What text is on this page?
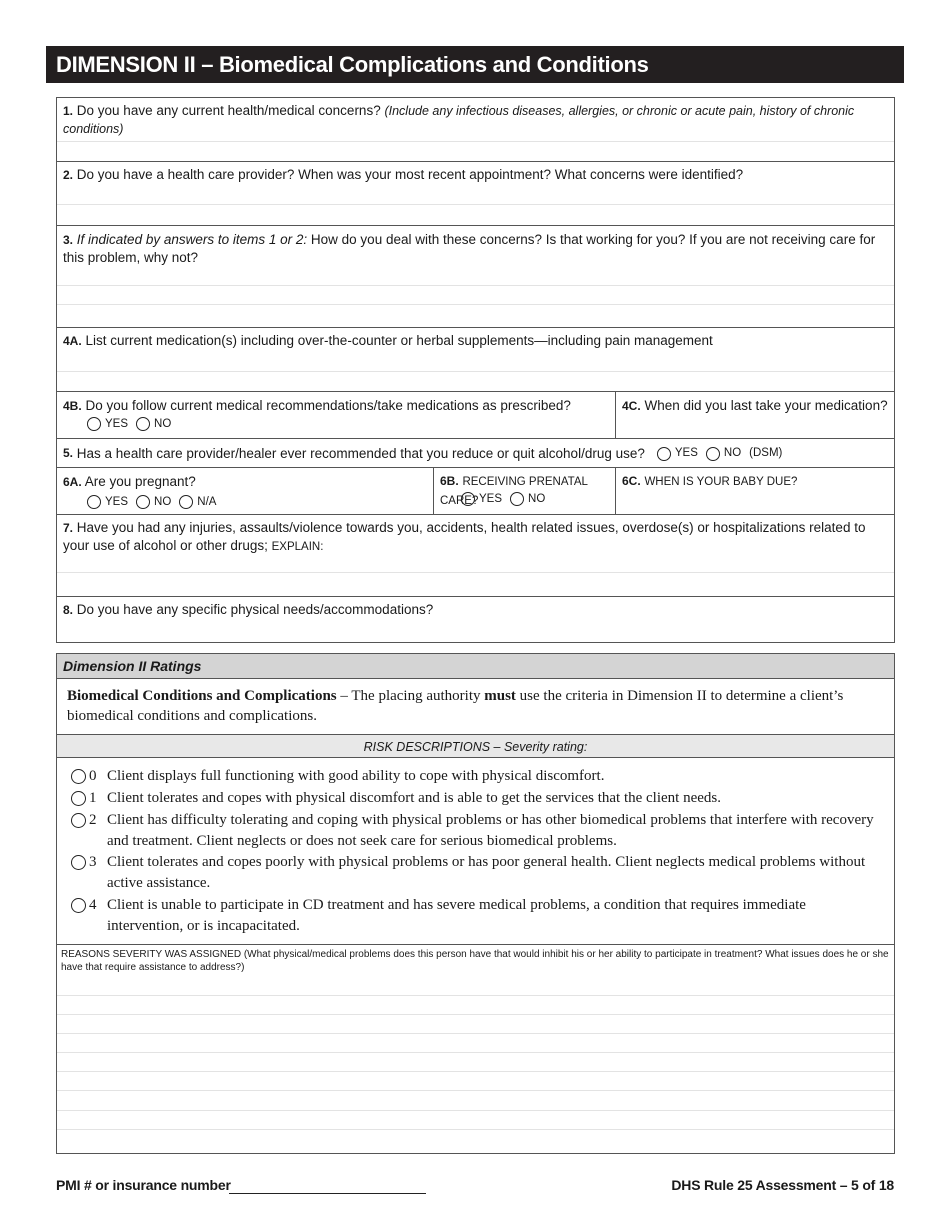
DIMENSION II – Biomedical Complications and Conditions
1. Do you have any current health/medical concerns? (Include any infectious diseases, allergies, or chronic or acute pain, history of chronic conditions)
2. Do you have a health care provider? When was your most recent appointment? What concerns were identified?
3. If indicated by answers to items 1 or 2: How do you deal with these concerns? Is that working for you? If you are not receiving care for this problem, why not?
4A. List current medication(s) including over-the-counter or herbal supplements—including pain management
4B. Do you follow current medical recommendations/take medications as prescribed?
YES NO
4C. When did you last take your medication?
5.
Has a health care provider/healer ever recommended that you reduce or quit alcohol/drug use?	YES NO (DSM)
6A. Are you pregnant?
YES NO N/A
6B. RECEIVING PRENATAL CARE? YES NO
6C. WHEN IS YOUR BABY DUE?
7. Have you had any injuries, assaults/violence towards you, accidents, health related issues, overdose(s) or hospitalizations related to your use of alcohol or other drugs; EXPLAIN:
8. Do you have any specific physical needs/accommodations?
Dimension II Ratings
Biomedical Conditions and Complications – The placing authority must use the criteria in Dimension II to determine a client’s biomedical conditions and complications.
RISK DESCRIPTIONS – Severity rating:
0 Client displays full functioning with good ability to cope with physical discomfort.
1 Client tolerates and copes with physical discomfort and is able to get the services that the client needs.
2 Client has difficulty tolerating and coping with physical problems or has other biomedical problems that interfere with recovery and treatment. Client neglects or does not seek care for serious biomedical problems.
3 Client tolerates and copes poorly with physical problems or has poor general health. Client neglects medical problems without active assistance.
4 Client is unable to participate in CD treatment and has severe medical problems, a condition that requires immediate intervention, or is incapacitated.
REASONS SEVERITY WAS ASSIGNED (What physical/medical problems does this person have that would inhibit his or her ability to participate in treatment? What issues does he or she have that require assistance to address?)
PMI # or insurance number	DHS Rule 25 Assessment – 5 of 18
